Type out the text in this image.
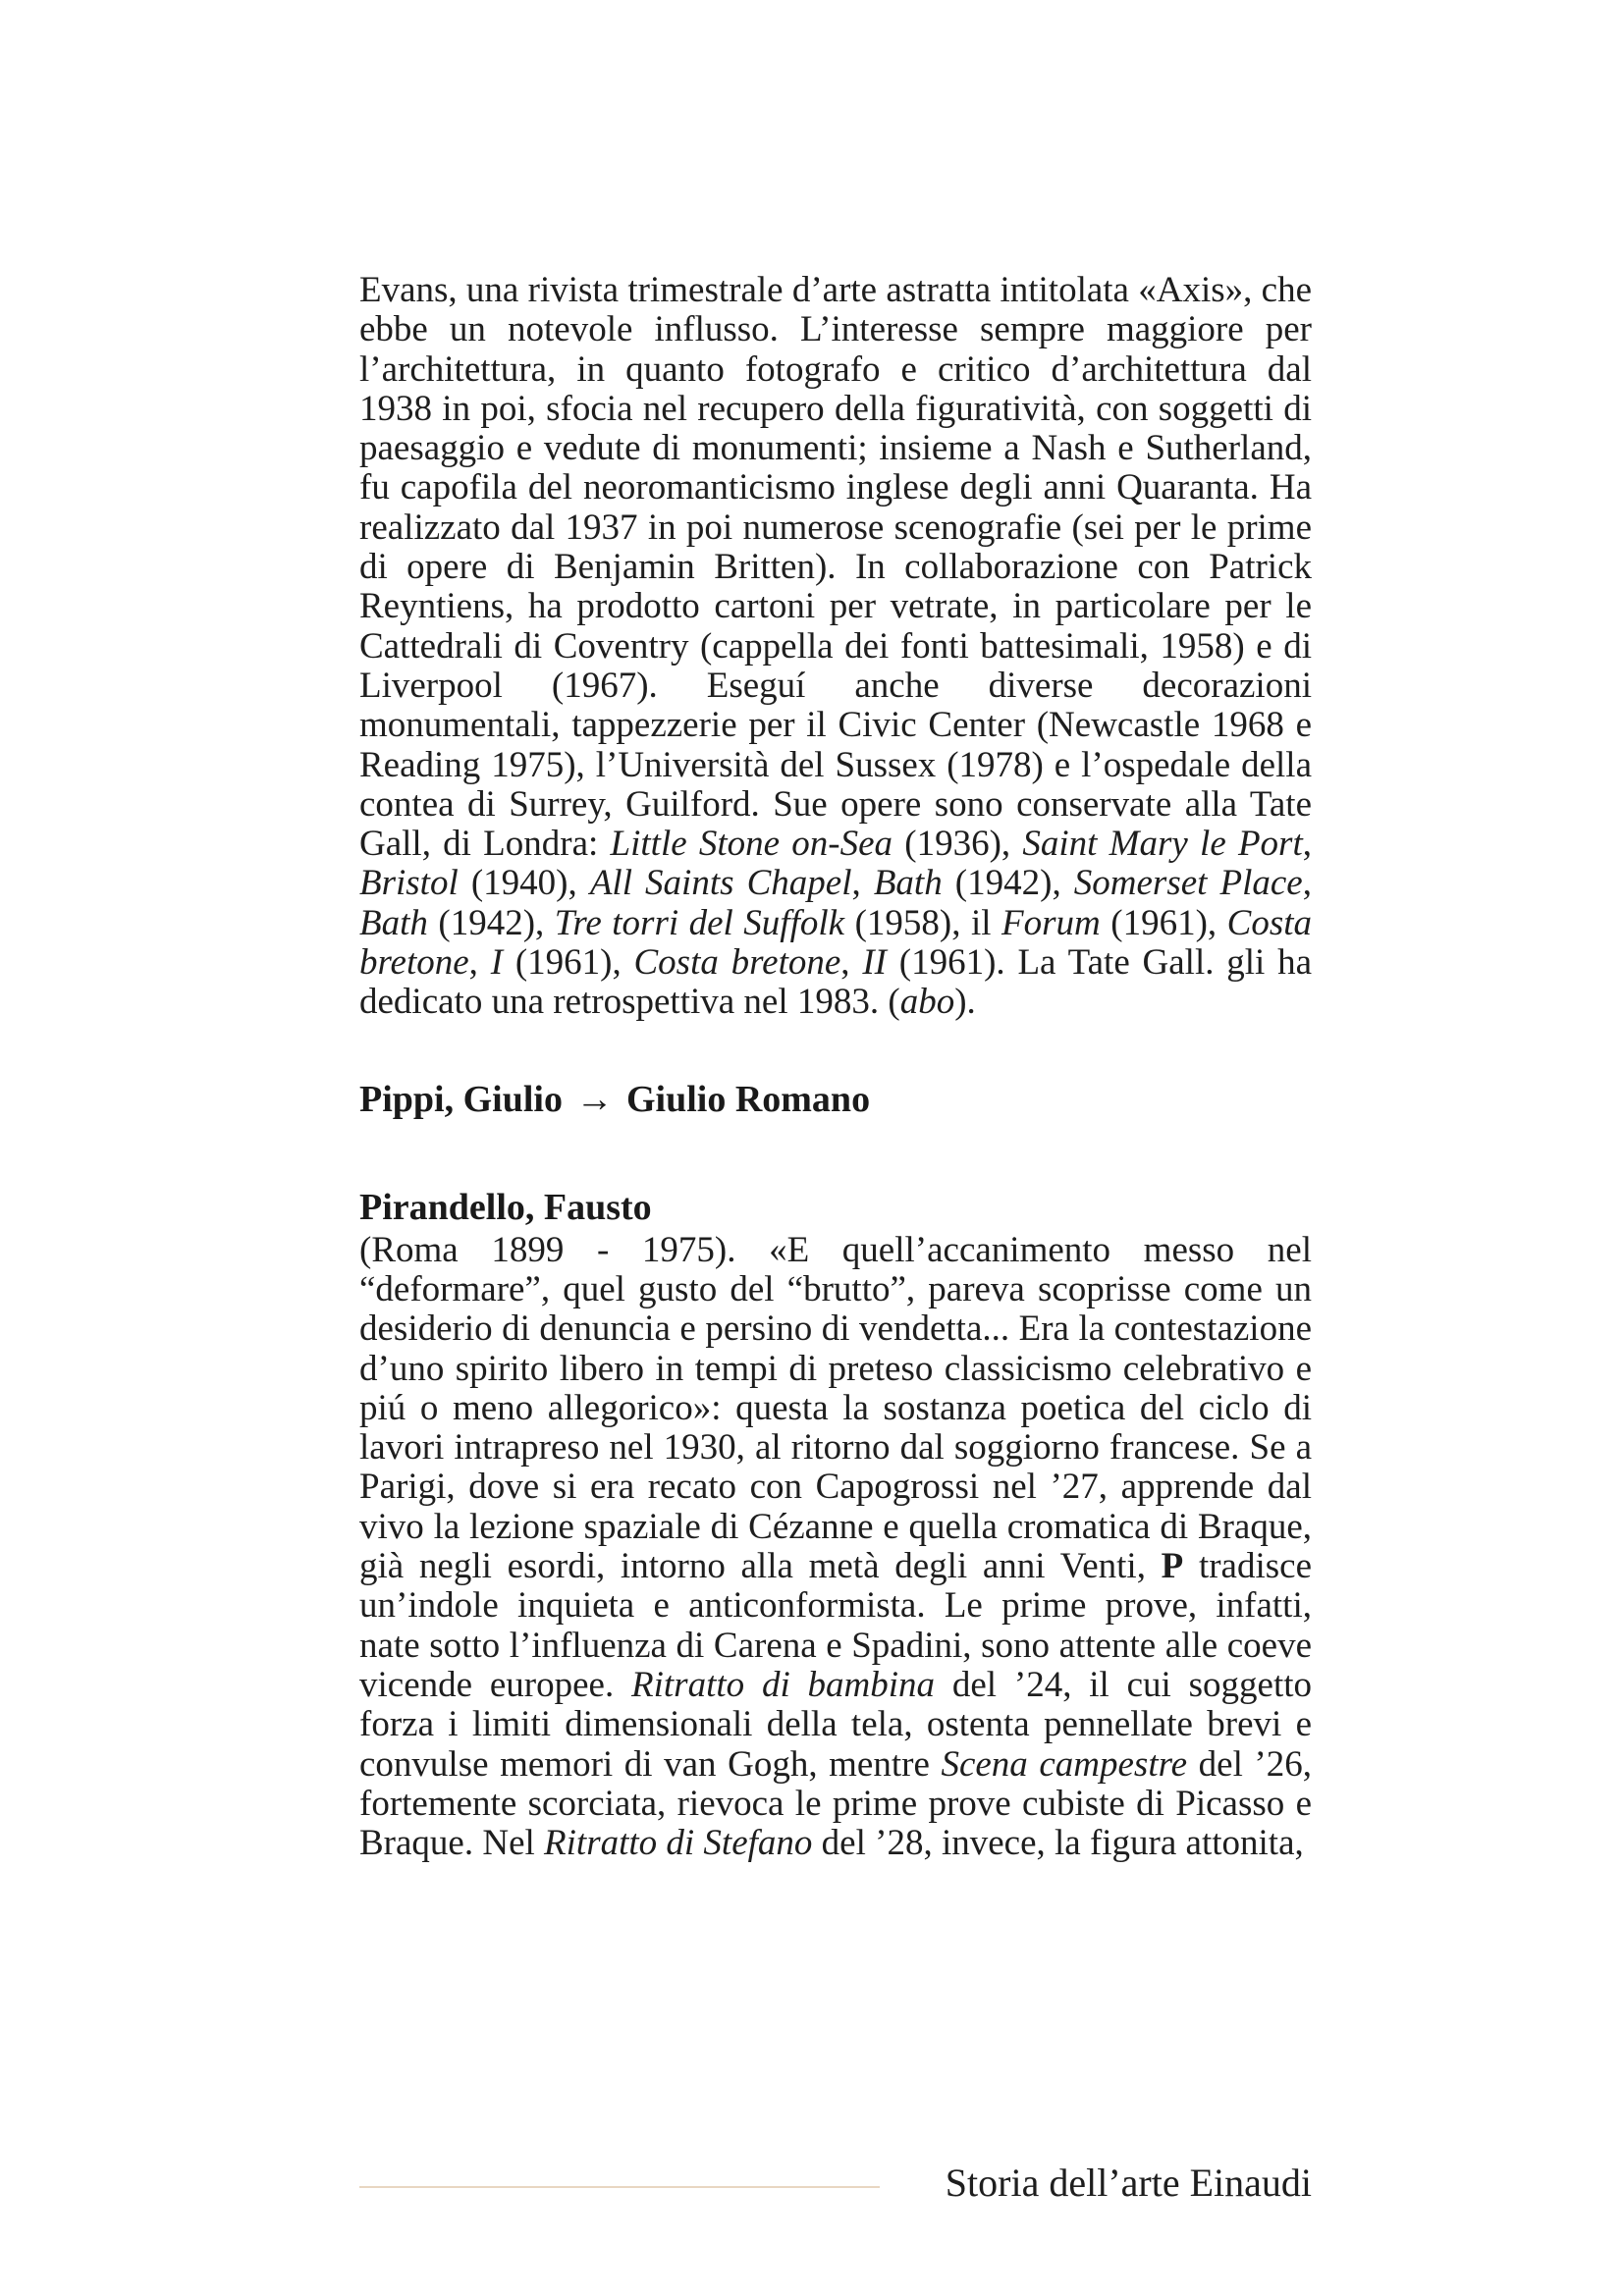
Evans, una rivista trimestrale d’arte astratta intitolata «Axis», che ebbe un notevole influsso. L’interesse sempre maggiore per l’architettura, in quanto fotografo e critico d’architettura dal 1938 in poi, sfocia nel recupero della figuratività, con soggetti di paesaggio e vedute di monumenti; insieme a Nash e Sutherland, fu capofila del neoromanticismo inglese degli anni Quaranta. Ha realizzato dal 1937 in poi numerose scenografie (sei per le prime di opere di Benjamin Britten). In collaborazione con Patrick Reyntiens, ha prodotto cartoni per vetrate, in particolare per le Cattedrali di Coventry (cappella dei fonti battesimali, 1958) e di Liverpool (1967). Eseguí anche diverse decorazioni monumentali, tappezzerie per il Civic Center (Newcastle 1968 e Reading 1975), l’Università del Sussex (1978) e l’ospedale della contea di Surrey, Guilford. Sue opere sono conservate alla Tate Gall, di Londra: Little Stone on-Sea (1936), Saint Mary le Port, Bristol (1940), All Saints Chapel, Bath (1942), Somerset Place, Bath (1942), Tre torri del Suffolk (1958), il Forum (1961), Costa bretone, I (1961), Costa bretone, II (1961). La Tate Gall. gli ha dedicato una retrospettiva nel 1983. (abo).

Pippi, Giulio → Giulio Romano
Pirandello, Fausto

(Roma 1899 - 1975). «E quell’accanimento messo nel “deformare”, quel gusto del “brutto”, pareva scoprisse come un desiderio di denuncia e persino di vendetta... Era la contestazione d’uno spirito libero in tempi di preteso classicismo celebrativo e piú o meno allegorico»: questa la sostanza poetica del ciclo di lavori intrapreso nel 1930, al ritorno dal soggiorno francese. Se a Parigi, dove si era recato con Capogrossi nel ’27, apprende dal vivo la lezione spaziale di Cézanne e quella cromatica di Braque, già negli esordi, intorno alla metà degli anni Venti, P tradisce un’indole inquieta e anticonformista. Le prime prove, infatti, nate sotto l’influenza di Carena e Spadini, sono attente alle coeve vicende europee. Ritratto di bambina del ’24, il cui soggetto forza i limiti dimensionali della tela, ostenta pennellate brevi e convulse memori di van Gogh, mentre Scena campestre del ’26, fortemente scorciata, rievoca le prime prove cubiste di Picasso e Braque. Nel Ritratto di Stefano del ’28, invece, la figura attonita,

Storia dell’arte Einaudi
